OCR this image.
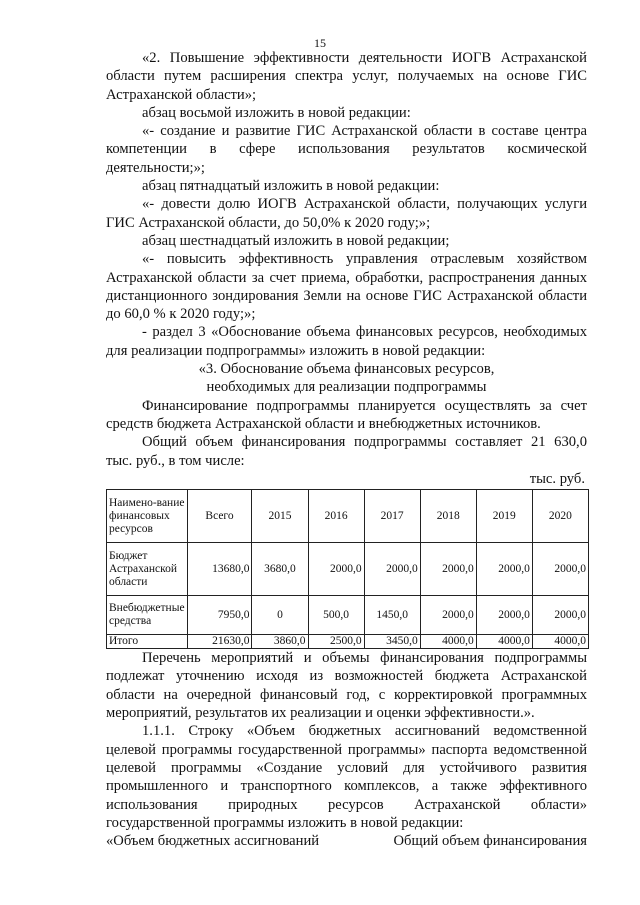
15

«2. Повышение эффективности деятельности ИОГВ Астраханской области путем расширения спектра услуг, получаемых на основе ГИС Астраханской области»;

абзац восьмой изложить в новой редакции:

«- создание и развитие ГИС Астраханской области в составе центра компетенции в сфере использования результатов космической деятельности;»;

абзац пятнадцатый изложить в новой редакции:

«- довести долю ИОГВ Астраханской области, получающих услуги ГИС Астраханской области, до 50,0% к 2020 году;»;

абзац шестнадцатый изложить в новой редакции;

«- повысить эффективность управления отраслевым хозяйством Астраханской области за счет приема, обработки, распространения данных дистанционного зондирования Земли на основе ГИС Астраханской области до 60,0 % к 2020 году;»;

- раздел 3 «Обоснование объема финансовых ресурсов, необходимых для реализации подпрограммы» изложить в новой редакции:

«3. Обоснование объема финансовых ресурсов,

необходимых для реализации подпрограммы

Финансирование подпрограммы планируется осуществлять за счет средств бюджета Астраханской области и внебюджетных источников.

Общий объем финансирования подпрограммы составляет 21 630,0 тыс. руб., в том числе:

тыс. руб.

Наимено-вание финансовых ресурсов	Всего	2015	2016	2017	2018	2019	2020
Бюджет Астраханской области	13680,0	3680,0	2000,0	2000,0	2000,0	2000,0	2000,0
Внебюджетные средства	7950,0	0	500,0	1450,0	2000,0	2000,0	2000,0
Итого	21630,0	3860,0	2500,0	3450,0	4000,0	4000,0	4000,0

Перечень мероприятий и объемы финансирования подпрограммы подлежат уточнению исходя из возможностей бюджета Астраханской области на очередной финансовый год, с корректировкой программных мероприятий, результатов их реализации и оценки эффективности.».

1.1.1. Строку «Объем бюджетных ассигнований ведомственной целевой программы государственной программы» паспорта ведомственной целевой программы «Создание условий для устойчивого развития промышленного и транспортного комплексов, а также эффективного использования природных ресурсов Астраханской области» государственной программы изложить в новой редакции:

«Объем бюджетных ассигнований	Общий объем финансирования
